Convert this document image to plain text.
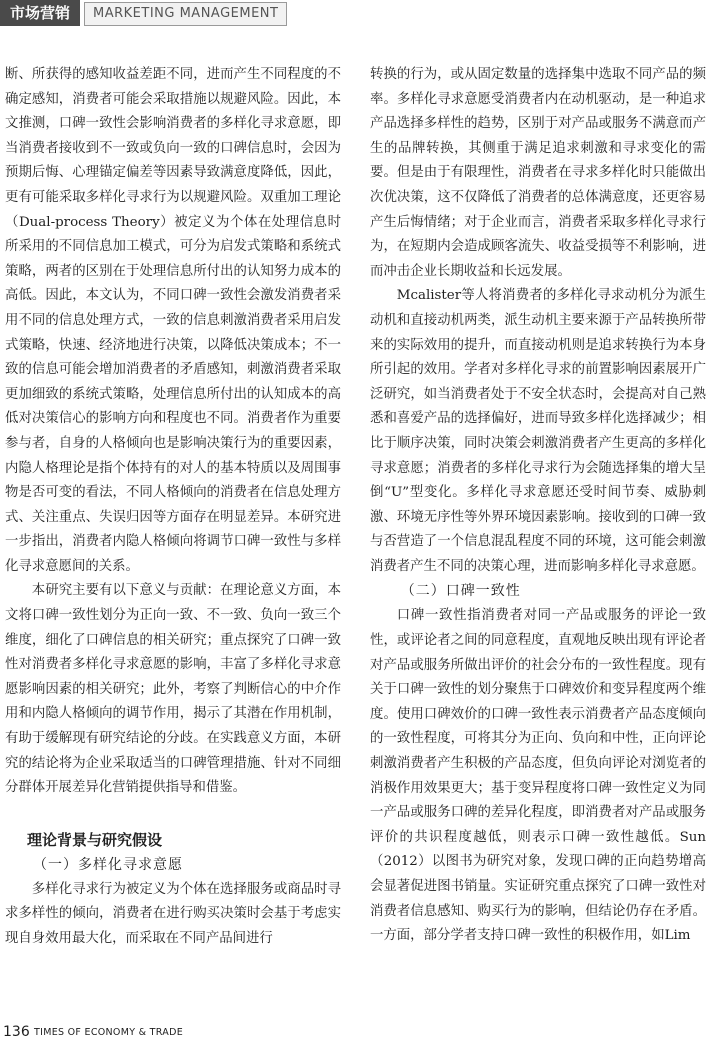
市场营销	MARKETING MANAGEMENT

断、所获得的感知收益差距不同，进而产生不同程度的不确定感知，消费者可能会采取措施以规避风险。因此，本文推测，口碑一致性会影响消费者的多样化寻求意愿，即当消费者接收到不一致或负向一致的口碑信息时，会因为预期后悔、心理锚定偏差等因素导致满意度降低，因此，更有可能采取多样化寻求行为以规避风险。双重加工理论（Dual-process Theory）被定义为个体在处理信息时所采用的不同信息加工模式，可分为启发式策略和系统式策略，两者的区别在于处理信息所付出的认知努力成本的高低。因此，本文认为，不同口碑一致性会激发消费者采用不同的信息处理方式，一致的信息刺激消费者采用启发式策略，快速、经济地进行决策，以降低决策成本；不一致的信息可能会增加消费者的矛盾感知，刺激消费者采取更加细致的系统式策略，处理信息所付出的认知成本的高低对决策信心的影响方向和程度也不同。消费者作为重要参与者，自身的人格倾向也是影响决策行为的重要因素，内隐人格理论是指个体持有的对人的基本特质以及周围事物是否可变的看法，不同人格倾向的消费者在信息处理方式、关注重点、失误归因等方面存在明显差异。本研究进一步指出，消费者内隐人格倾向将调节口碑一致性与多样化寻求意愿间的关系。

本研究主要有以下意义与贡献：在理论意义方面，本文将口碑一致性划分为正向一致、不一致、负向一致三个维度，细化了口碑信息的相关研究；重点探究了口碑一致性对消费者多样化寻求意愿的影响，丰富了多样化寻求意愿影响因素的相关研究；此外，考察了判断信心的中介作用和内隐人格倾向的调节作用，揭示了其潜在作用机制，有助于缓解现有研究结论的分歧。在实践意义方面，本研究的结论将为企业采取适当的口碑管理措施、针对不同细分群体开展差异化营销提供指导和借鉴。

理论背景与研究假设
（一）多样化寻求意愿

多样化寻求行为被定义为个体在选择服务或商品时寻求多样性的倾向，消费者在进行购买决策时会基于考虑实现自身效用最大化，而采取在不同产品间进行

转换的行为，或从固定数量的选择集中选取不同产品的频率。多样化寻求意愿受消费者内在动机驱动，是一种追求产品选择多样性的趋势，区别于对产品或服务不满意而产生的品牌转换，其侧重于满足追求刺激和寻求变化的需要。但是由于有限理性，消费者在寻求多样化时只能做出次优决策，这不仅降低了消费者的总体满意度，还更容易产生后悔情绪；对于企业而言，消费者采取多样化寻求行为，在短期内会造成顾客流失、收益受损等不利影响，进而冲击企业长期收益和长远发展。

Mcalister等人将消费者的多样化寻求动机分为派生动机和直接动机两类，派生动机主要来源于产品转换所带来的实际效用的提升，而直接动机则是追求转换行为本身所引起的效用。学者对多样化寻求的前置影响因素展开广泛研究，如当消费者处于不安全状态时，会提高对自己熟悉和喜爱产品的选择偏好，进而导致多样化选择减少；相比于顺序决策，同时决策会刺激消费者产生更高的多样化寻求意愿；消费者的多样化寻求行为会随选择集的增大呈倒“U”型变化。多样化寻求意愿还受时间节奏、威胁刺激、环境无序性等外界环境因素影响。接收到的口碑一致与否营造了一个信息混乱程度不同的环境，这可能会刺激消费者产生不同的决策心理，进而影响多样化寻求意愿。

（二）口碑一致性

口碑一致性指消费者对同一产品或服务的评论一致性，或评论者之间的同意程度，直观地反映出现有评论者对产品或服务所做出评价的社会分布的一致性程度。现有关于口碑一致性的划分聚焦于口碑效价和变异程度两个维度。使用口碑效价的口碑一致性表示消费者产品态度倾向的一致性程度，可将其分为正向、负向和中性，正向评论刺激消费者产生积极的产品态度，但负向评论对浏览者的消极作用效果更大；基于变异程度将口碑一致性定义为同一产品或服务口碑的差异化程度，即消费者对产品或服务评价的共识程度越低，则表示口碑一致性越低。Sun（2012）以图书为研究对象，发现口碑的正向趋势增高会显著促进图书销量。实证研究重点探究了口碑一致性对消费者信息感知、购买行为的影响，但结论仍存在矛盾。一方面，部分学者支持口碑一致性的积极作用，如Lim

136 TIMES OF ECONOMY & TRADE
